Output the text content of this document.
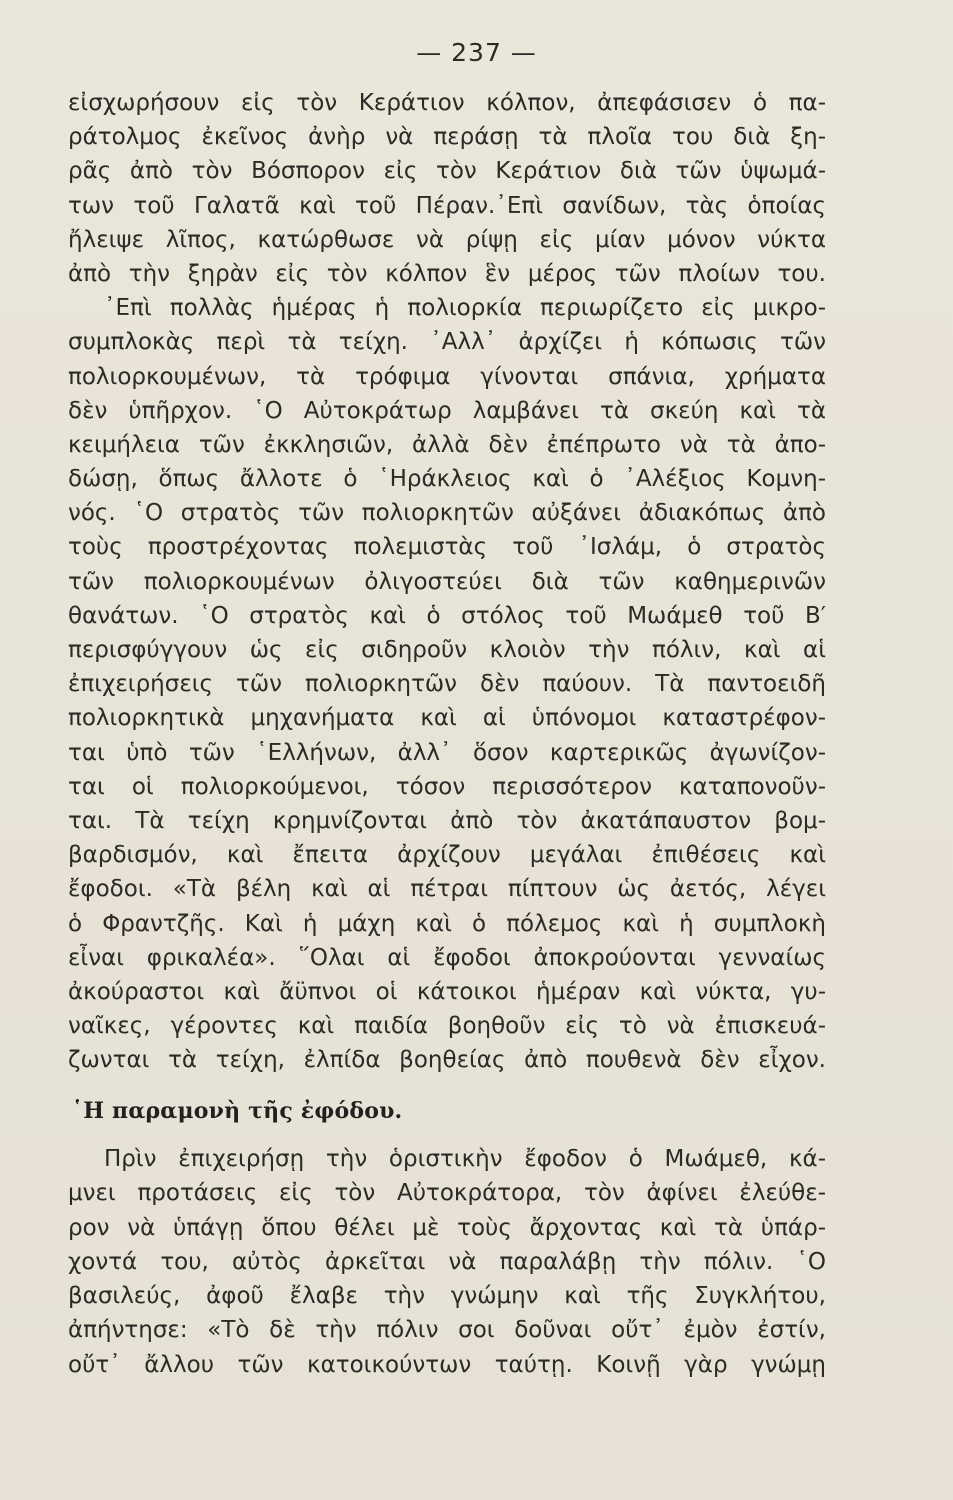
— 237 —
εἰσχωρήσουν εἰς τὸν Κεράτιον κόλπον, ἀπεφάσισεν ὁ πα-
ράτολμος ἐκεῖνος ἀνὴρ νὰ περάσῃ τὰ πλοῖα του διὰ ξη-
ρᾶς ἀπὸ τὸν Βόσπορον εἰς τὸν Κεράτιον διὰ τῶν ὑψωμά-
των τοῦ Γαλατᾶ καὶ τοῦ Πέραν.᾿Επὶ σανίδων, τὰς ὁποίας
ἤλειψε λῖπος, κατώρθωσε νὰ ρίψῃ εἰς μίαν μόνον νύκτα
ἀπὸ τὴν ξηρὰν εἰς τὸν κόλπον ἓν μέρος τῶν πλοίων του.
᾿Επὶ πολλὰς ἡμέρας ἡ πολιορκία περιωρίζετο εἰς μικρο-
συμπλοκὰς περὶ τὰ τείχη. ᾿Αλλ᾿ ἀρχίζει ἡ κόπωσις τῶν
πολιορκουμένων, τὰ τρόφιμα γίνονται σπάνια, χρήματα
δὲν ὑπῆρχον. ῾Ο Αὐτοκράτωρ λαμβάνει τὰ σκεύη καὶ τὰ
κειμήλεια τῶν ἐκκλησιῶν, ἀλλὰ δὲν ἐπέπρωτο νὰ τὰ ἀπο-
δώσῃ, ὅπως ἄλλοτε ὁ ῾Ηράκλειος καὶ ὁ ᾿Αλέξιος Κομνη-
νός. ῾Ο στρατὸς τῶν πολιορκητῶν αὐξάνει ἀδιακόπως ἀπὸ
τοὺς προστρέχοντας πολεμιστὰς τοῦ ᾿Ισλάμ, ὁ στρατὸς
τῶν πολιορκουμένων ὀλιγοστεύει διὰ τῶν καθημερινῶν
θανάτων. ῾Ο στρατὸς καὶ ὁ στόλος τοῦ Μωάμεθ τοῦ Β′
περισφύγγουν ὡς εἰς σιδηροῦν κλοιὸν τὴν πόλιν, καὶ αἱ
ἐπιχειρήσεις τῶν πολιορκητῶν δὲν παύουν. Τὰ παντοειδῆ
πολιορκητικὰ μηχανήματα καὶ αἱ ὑπόνομοι καταστρέφον-
ται ὑπὸ τῶν ῾Ελλήνων, ἀλλ᾿ ὅσον καρτερικῶς ἀγωνίζον-
ται οἱ πολιορκούμενοι, τόσον περισσότερον καταπονοῦν-
ται. Τὰ τείχη κρημνίζονται ἀπὸ τὸν ἀκατάπαυστον βομ-
βαρδισμόν, καὶ ἔπειτα ἀρχίζουν μεγάλαι ἐπιθέσεις καὶ
ἔφοδοι. «Τὰ βέλη καὶ αἱ πέτραι πίπτουν ὡς ἀετός, λέγει
ὁ Φραντζῆς. Καὶ ἡ μάχη καὶ ὁ πόλεμος καὶ ἡ συμπλοκὴ
εἶναι φρικαλέα». ῞Ολαι αἱ ἔφοδοι ἀποκρούονται γενναίως
ἀκούραστοι καὶ ἄϋπνοι οἱ κάτοικοι ἡμέραν καὶ νύκτα, γυ-
ναῖκες, γέροντες καὶ παιδία βοηθοῦν εἰς τὸ νὰ ἐπισκευά-
ζωνται τὰ τείχη, ἐλπίδα βοηθείας ἀπὸ πουθενὰ δὲν εἶχον.
῾Η παραμονὴ τῆς ἐφόδου.
Πρὶν ἐπιχειρήσῃ τὴν ὁριστικὴν ἔφοδον ὁ Μωάμεθ, κά-
μνει προτάσεις εἰς τὸν Αὐτοκράτορα, τὸν ἀφίνει ἐλεύθε-
ρον νὰ ὑπάγῃ ὅπου θέλει μὲ τοὺς ἄρχοντας καὶ τὰ ὑπάρ-
χοντά του, αὐτὸς ἀρκεῖται νὰ παραλάβῃ τὴν πόλιν. ῾Ο
βασιλεύς, ἀφοῦ ἔλαβε τὴν γνώμην καὶ τῆς Συγκλήτου,
ἀπήντησε: «Τὸ δὲ τὴν πόλιν σοι δοῦναι οὔτ᾿ ἐμὸν ἐστίν,
οὔτ᾿ ἄλλου τῶν κατοικούντων ταύτῃ. Κοινῇ γὰρ γνώμῃ
